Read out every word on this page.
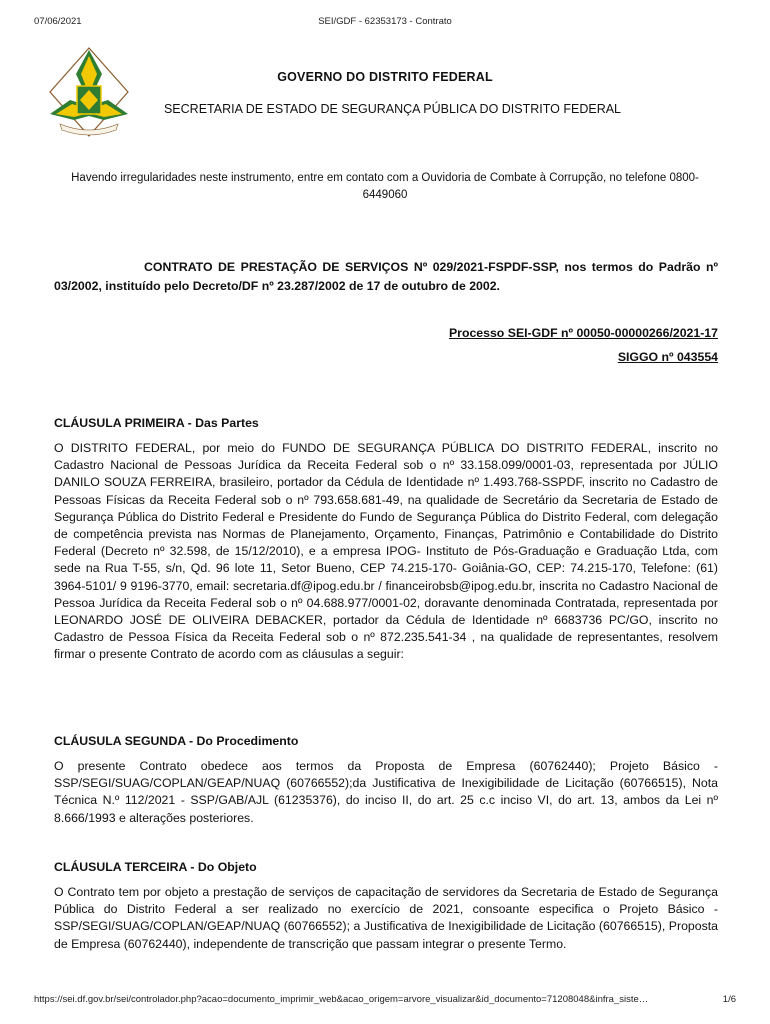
SEI/GDF - 62353173 - Contrato
07/06/2021
GOVERNO DO DISTRITO FEDERAL
SECRETARIA DE ESTADO DE SEGURANÇA PÚBLICA DO DISTRITO FEDERAL
Havendo irregularidades neste instrumento, entre em contato com a Ouvidoria de Combate à Corrupção, no telefone 0800-6449060
CONTRATO DE PRESTAÇÃO DE SERVIÇOS Nº 029/2021-FSPDF-SSP, nos termos do Padrão nº 03/2002, instituído pelo Decreto/DF nº 23.287/2002 de 17 de outubro de 2002.
Processo SEI-GDF nº 00050-00000266/2021-17
SIGGO nº 043554
CLÁUSULA PRIMEIRA - Das Partes
O DISTRITO FEDERAL, por meio do FUNDO DE SEGURANÇA PÚBLICA DO DISTRITO FEDERAL, inscrito no Cadastro Nacional de Pessoas Jurídica da Receita Federal sob o nº 33.158.099/0001-03, representada por JÚLIO DANILO SOUZA FERREIRA, brasileiro, portador da Cédula de Identidade nº 1.493.768-SSPDF, inscrito no Cadastro de Pessoas Físicas da Receita Federal sob o nº 793.658.681-49, na qualidade de Secretário da Secretaria de Estado de Segurança Pública do Distrito Federal e Presidente do Fundo de Segurança Pública do Distrito Federal, com delegação de competência prevista nas Normas de Planejamento, Orçamento, Finanças, Patrimônio e Contabilidade do Distrito Federal (Decreto nº 32.598, de 15/12/2010), e a empresa IPOG- Instituto de Pós-Graduação e Graduação Ltda, com sede na Rua T-55, s/n, Qd. 96 lote 11, Setor Bueno, CEP 74.215-170- Goiânia-GO, CEP: 74.215-170, Telefone: (61) 3964-5101/ 9 9196-3770, email: secretaria.df@ipog.edu.br / financeirobsb@ipog.edu.br, inscrita no Cadastro Nacional de Pessoa Jurídica da Receita Federal sob o nº 04.688.977/0001-02, doravante denominada Contratada, representada por LEONARDO JOSÉ DE OLIVEIRA DEBACKER, portador da Cédula de Identidade nº 6683736 PC/GO, inscrito no Cadastro de Pessoa Física da Receita Federal sob o nº 872.235.541-34 , na qualidade de representantes, resolvem firmar o presente Contrato de acordo com as cláusulas a seguir:
CLÁUSULA SEGUNDA - Do Procedimento
O presente Contrato obedece aos termos da Proposta de Empresa (60762440); Projeto Básico - SSP/SEGI/SUAG/COPLAN/GEAP/NUAQ (60766552);da Justificativa de Inexigibilidade de Licitação (60766515), Nota Técnica N.º 112/2021 - SSP/GAB/AJL (61235376), do inciso II, do art. 25 c.c inciso VI, do art. 13, ambos da Lei nº 8.666/1993 e alterações posteriores.
CLÁUSULA TERCEIRA - Do Objeto
O Contrato tem por objeto a prestação de serviços de capacitação de servidores da Secretaria de Estado de Segurança Pública do Distrito Federal a ser realizado no exercício de 2021, consoante especifica o Projeto Básico - SSP/SEGI/SUAG/COPLAN/GEAP/NUAQ (60766552); a Justificativa de Inexigibilidade de Licitação (60766515), Proposta de Empresa (60762440), independente de transcrição que passam integrar o presente Termo.
https://sei.df.gov.br/sei/controlador.php?acao=documento_imprimir_web&acao_origem=arvore_visualizar&id_documento=71208048&infra_siste…	1/6
